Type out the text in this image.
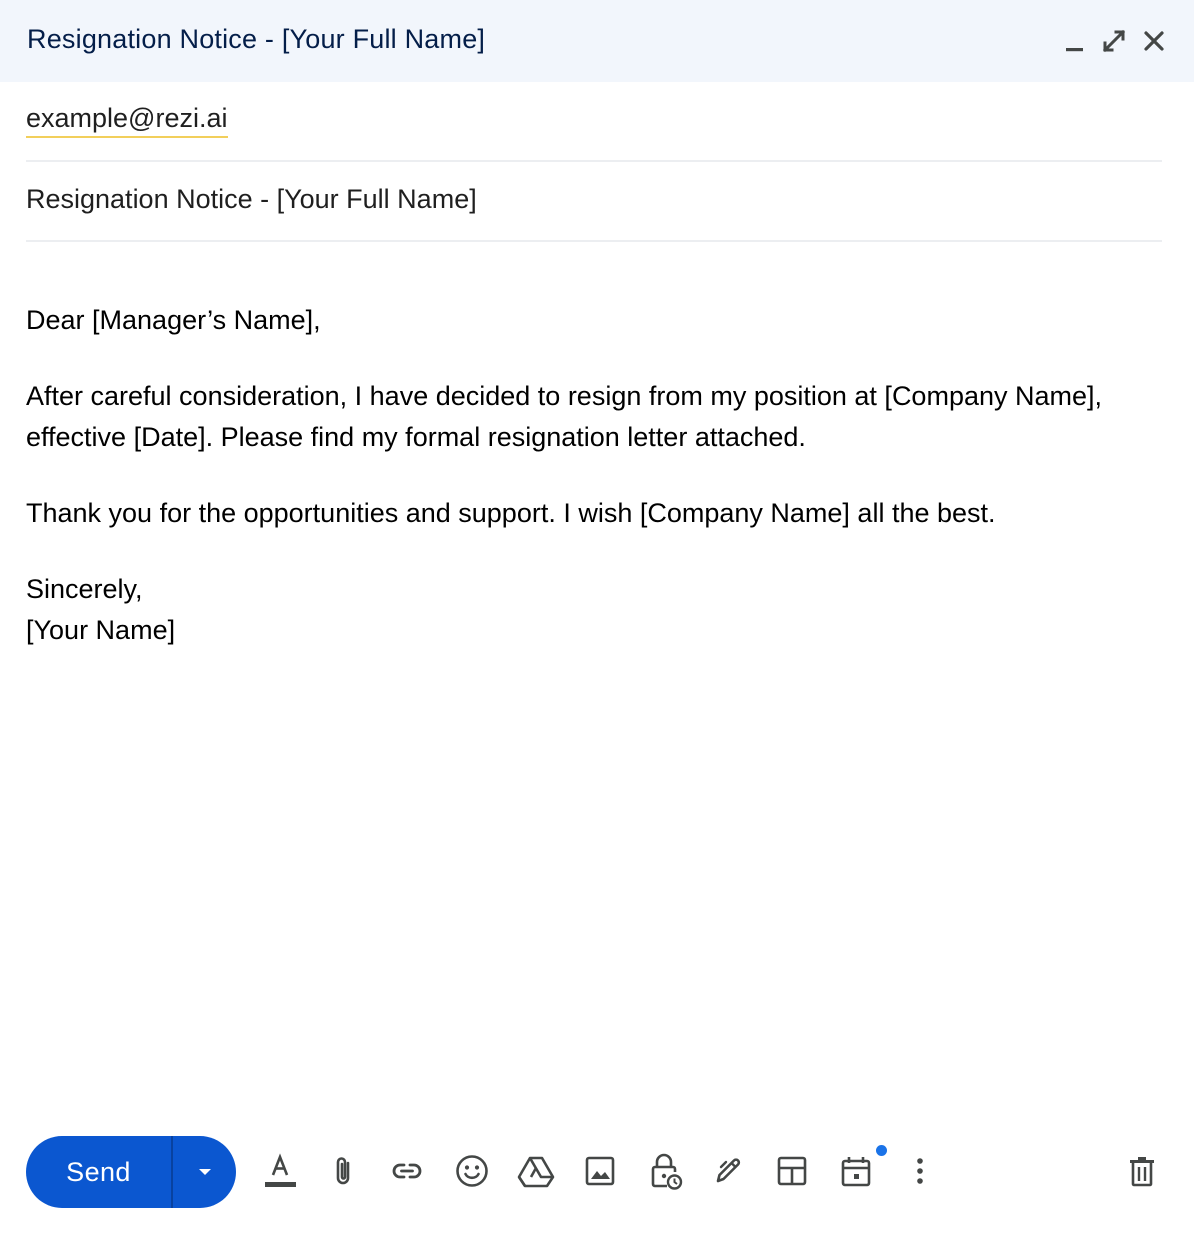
Resignation Notice - [Your Full Name]
example@rezi.ai
Resignation Notice - [Your Full Name]

Dear [Manager’s Name],

After careful consideration, I have decided to resign from my position at [Company Name], effective [Date]. Please find my formal resignation letter attached.

Thank you for the opportunities and support. I wish [Company Name] all the best.

Sincerely,

[Your Name]

Send
